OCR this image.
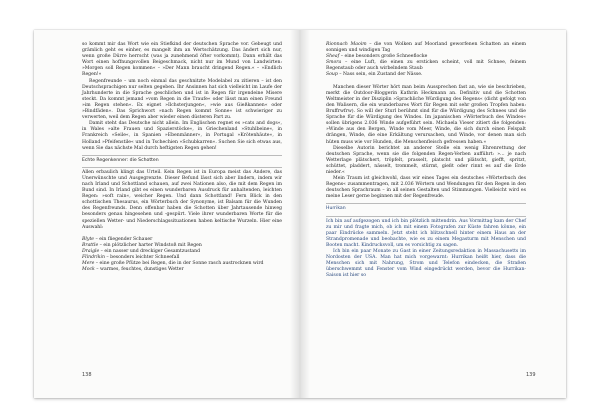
so kommt mir das Wort wie ein Stiefkind der deutschen Sprache vor. Gebeugt und grämlich geht es einher, es mangelt ihm an Wertschätzung. Das ändert sich nur, wenn große Dürre herrscht (was ja zunehmend öfter vorkommt). Dann erhält das Wort einen hoffnungsvollen Beigeschmack, nicht nur im Mund von Landwirten: »Morgen soll Regen kommen« – »Der Mann braucht dringend Regen.« – »Endlich Regen!«

Regenfreunde – um noch einmal das geschnitzte Modelabel zu zitieren – ist den Deutschsprachigen nur selten gegeben. Ihr Ansinnen hat sich vielleicht im Laufe der Jahrhunderte in die Sprache geschlichen und ist in Regen für irgendeine Misere steckt. Da kommt jemand »vom Regen in die Traufe« oder lässt man einen Freund »im Regen stehen«. Ex eignet »Ilchsterjungen«, »wie aus Gießkannen« oder »Bindfäden«. Das Sprichwort »nach Regen kommt Sonne« ist schwieriger zu verwerten, weil dem Regen aber wieder einen düsteren Part zu.

Damit steht das Deutsche nicht allein. Im Englischen regnet es »cats and dogs«, in Wales »alte Frauen und Spazierstöcke«, in Griechenland »Stuhlbeine«, in Frankreich »Seile«, in Spanien »Ebenmänner«, in Portugal »Krötenhäute«, in Holland »Pfeifenstile« und in Tschechien »Schubkarren«. Suchen Sie sich etwas aus, wenn Sie das nächste Mal durch heftigsten Regen gehen!

Echte Regenkenner: die Schotten

Allen erbaulich klingt das Urteil. Kein Regen ist in Europa meist das Andere, das Unerwünschte und Ausgegrenzte. Dieser Befund lässt sich aber lindern, indem wir nach Irland und Schottland schauen, auf zwei Nationen also, die mit dem Regen im Bund sind. In Irland gibt es einen wunderbaren Ausdruck für anhaltenden, leichten Regen: »soft rain«, weicher Regen. Und dann Schottland! Fern Blick in den schottischen Thesaurus, ein Wörterbuch der Synonyme, ist Balsam für die Wunden des Regenfreunds. Denn offenbar haben die Schotten über Jahrtausende hinweg besonders genau hingesehen und -gespürt. Viele ihrer wunderbaren Worte für die speziellen Wetter- und Niederschlagssituationen haben keltische Wurzeln. Hier eine Auswahl:

Blyte – ein fliegender Schauer

Brattle – ein plötzlicher harter Windstoß mit Regen

Draigle – ein nasser und dreckiger Gesamtzustand

Flindrikin – besonders leichter Schneefall

Mere – eine große Pfütze bei Regen, die in der Sonne rasch austrocknen wird

Mock – warmes, feuchtes, dunstiges Wetter

138

Rionnach Maoim – die von Wolken auf Moorland geworfenen Schatten an einem sonnigen und windigen Tag

Sheaf – eine besonders große Schneeflocke

Smora – eine Luft, die einen zu ersticken scheint, voll mit Schnee, feinem Regenstaub oder auch wirbelndem Staub

Soup – Nass sein, ein Zustand der Nässe.

Manchen dieser Wörter hört man beim Aussprechen fast an, wie sie beschrieben, merkt die Outdoor-Bloggerin Kathrin Heckmann an. Definitiv und die Schotten Weltmeister in der Disziplin »Sprachliche Würdigung des Regens« (dicht gefolgt von den Walisern, die ein wunderbares Wort für Regen mit sehr großen Tropfen haben: Bruffrwfrw). So will der Sturl berühmt sind für die Würdigung des Schnees und die Sprache für die Würdigung des Windes. Im japanischen »Wörterbuch des Windes« sollen übrigens 2.036 Winde aufgeführt sein. Michaela Vieser zitiert die folgenden: »Winde aus den Bergen, Winde vom Meer, Winde, die sich durch einen Felspalt drängen, Winde, die eine Erkältung verursachen, und Winde, vor denen man sich hüten muss wie vor Hunden, die Menschenfleisch gefressen haben.«

Dieselbe Autorin berichtet an anderer Stelle ein wenig Ehrenrettung der deutschen Sprache, wenn sie die folgenden Regen-Verben aufführt: »… je nach Wetterlage plätschert, tröpfelt, prasselt, platscht und plätscht, giefft, spritzt, schüttet, pladdert, nässelt, trommelt, stürmt, gießt oder rinnt es auf die Erde nieder.«

Mein Traum ist gleichwohl, dass wir eines Tages ein deutsches »Wörterbuch des Regens« zusammentragen, mit 2.036 Wörtern und Wendungen für den Regen in den deutschen Sprachraum – in all seinen Gestalten und Stimmungen. Vielleicht wird es meine Leser gerne beginnen mit der Regenfreude.

Hurrikan

Ich bin auf aufgezogen und ich bin plötzlich mittendrin. Aus Vormittag kam der Chef zu mir und fragte mich, ob ich mit einem Fotografen zur Küste fahren könne, ein paar Eindrücke sammeln. Jetzt steht ich blitzschnell hinter einem Haus an der Strandpromenade und beobachte, wie es zu einem Megasturm mit Menschen und Booten macht. Kindrucksvoll, um es vorsichtig zu sagen.

Ich bin ein paar Monate zu Gast in einer Zeitungsredaktion in Massachusetts im Nordosten der USA. Man hat mich vorgewarnt: Hurrikan heißt hier, dass die Menschen sich mit Nahrung, Strom und Telefon eindecken, die Straßen überschwemmt und Fenster vom Wind eingedrückt werden, bevor die Hurrikan-Saison ist hier so

139
